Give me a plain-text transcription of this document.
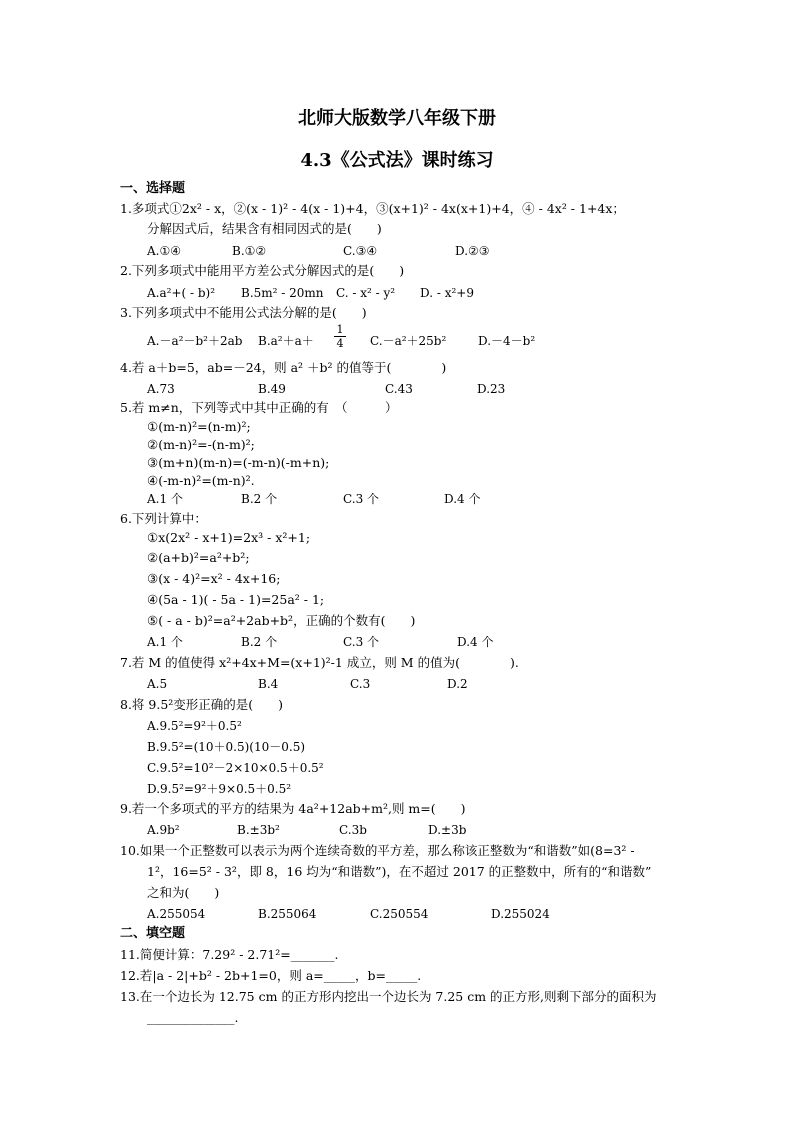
北师大版数学八年级下册
4.3《公式法》课时练习
一、选择题
1.多项式①2x² - x，②(x - 1)² - 4(x - 1)+4，③(x+1)² - 4x(x+1)+4，④ - 4x² - 1+4x；
分解因式后，结果含有相同因式的是(　　)
A.①④	B.①②	C.③④	D.②③
2.下列多项式中能用平方差公式分解因式的是(　　)
A.a²+( - b)² B.5m² - 20mn C. - x² - y² D. - x²+9
3.下列多项式中不能用公式法分解的是(　　)
A.－a²－b²＋2ab B.a²＋a＋
1
4 C.－a²＋25b²	D.－4－b²
4.若 a＋b=5，ab=－24，则 a² ＋b² 的值等于(　　　　)
A.73	B.49	C.43	D.23
5.若 m≠n，下列等式中其中正确的有　（　　　）
①(m-n)²=(n-m)²;
②(m-n)²=-(n-m)²;
③(m+n)(m-n)=(-m-n)(-m+n);
④(-m-n)²=(m-n)².
A.1 个	B.2 个	C.3 个	D.4 个
6.下列计算中：
①x(2x² - x+1)=2x³ - x²+1;
②(a+b)²=a²+b²;
③(x - 4)²=x² - 4x+16;
④(5a - 1)( - 5a - 1)=25a² - 1;
⑤( - a - b)²=a²+2ab+b²，正确的个数有(　　)
A.1 个	B.2 个	C.3 个	D.4 个
7.若 M 的值使得 x²+4x+M=(x+1)²-1 成立，则 M 的值为(　　　　).
A.5	B.4	C.3	D.2
8.将 9.5²变形正确的是(　　)
A.9.5²=9²＋0.5²
B.9.5²=(10＋0.5)(10－0.5)
C.9.5²=10²－2×10×0.5＋0.5²
D.9.5²=9²＋9×0.5＋0.5²
9.若一个多项式的平方的结果为 4a²+12ab+m²,则 m=(　　)
A.9b²	B.±3b²	C.3b	D.±3b
10.如果一个正整数可以表示为两个连续奇数的平方差，那么称该正整数为“和谐数”如(8=3² -
1²，16=5² - 3²，即 8，16 均为“和谐数”)，在不超过 2017 的正整数中，所有的“和谐数”
之和为(　　)
A.255054	B.255064	C.250554	D.255024
二、填空题
11.简便计算：7.29² - 2.71²=_______.
12.若|a - 2|+b² - 2b+1=0，则 a=_____，b=_____.
13.在一个边长为 12.75 cm 的正方形内挖出一个边长为 7.25 cm 的正方形,则剩下部分的面积为
______________.
